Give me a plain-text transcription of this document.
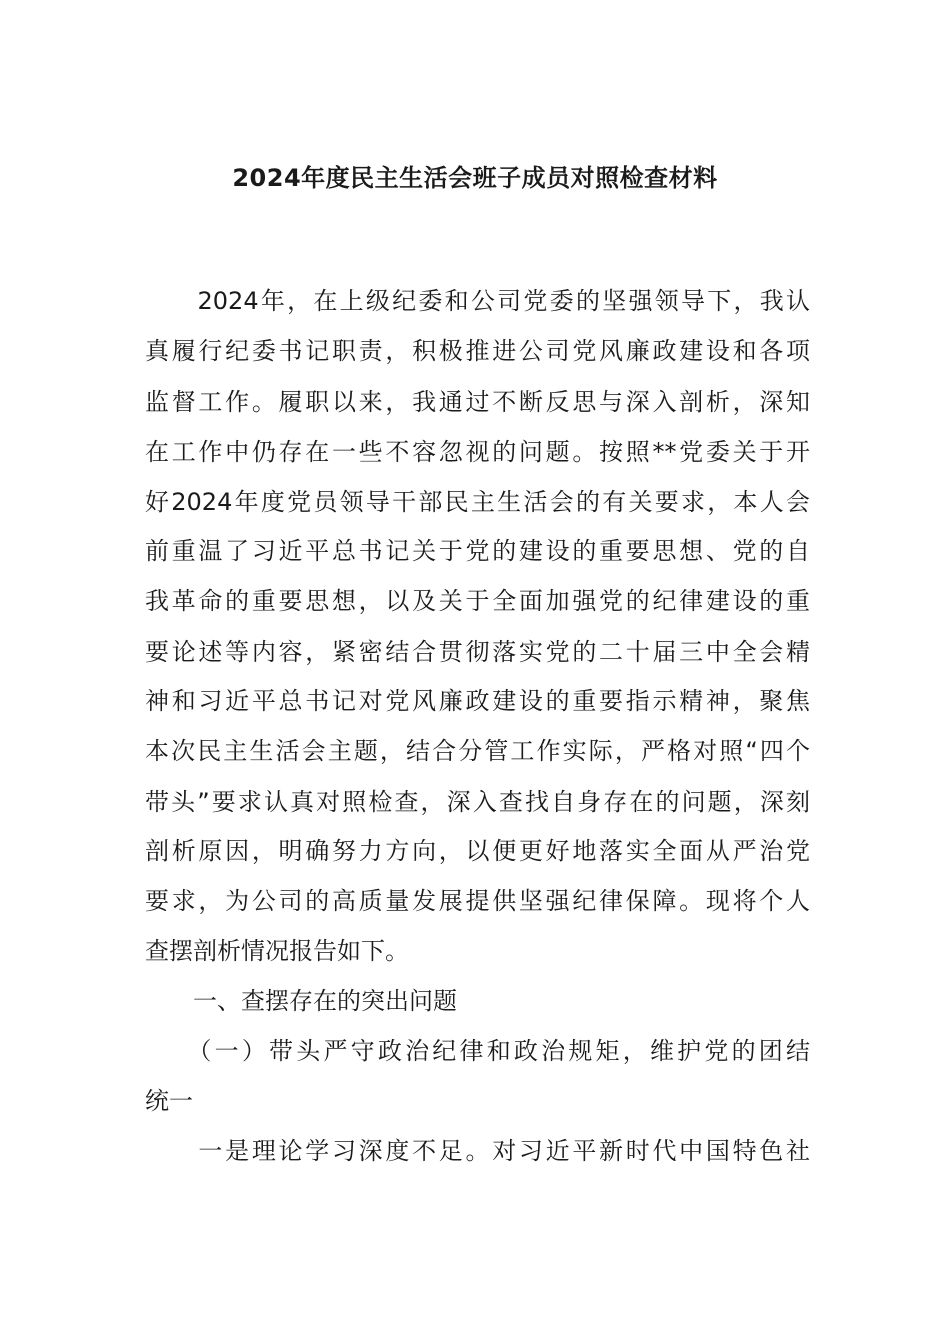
2024年度民主生活会班子成员对照检查材料
　　2024年，在上级纪委和公司党委的坚强领导下，我认
真履行纪委书记职责，积极推进公司党风廉政建设和各项
监督工作。履职以来，我通过不断反思与深入剖析，深知
在工作中仍存在一些不容忽视的问题。按照**党委关于开
好2024年度党员领导干部民主生活会的有关要求，本人会
前重温了习近平总书记关于党的建设的重要思想、党的自
我革命的重要思想，以及关于全面加强党的纪律建设的重
要论述等内容，紧密结合贯彻落实党的二十届三中全会精
神和习近平总书记对党风廉政建设的重要指示精神，聚焦
本次民主生活会主题，结合分管工作实际，严格对照“四个
带头”要求认真对照检查，深入查找自身存在的问题，深刻
剖析原因，明确努力方向，以便更好地落实全面从严治党
要求，为公司的高质量发展提供坚强纪律保障。现将个人
查摆剖析情况报告如下。
　　一、查摆存在的突出问题
　　（一）带头严守政治纪律和政治规矩，维护党的团结
统一
　　一是理论学习深度不足。对习近平新时代中国特色社
